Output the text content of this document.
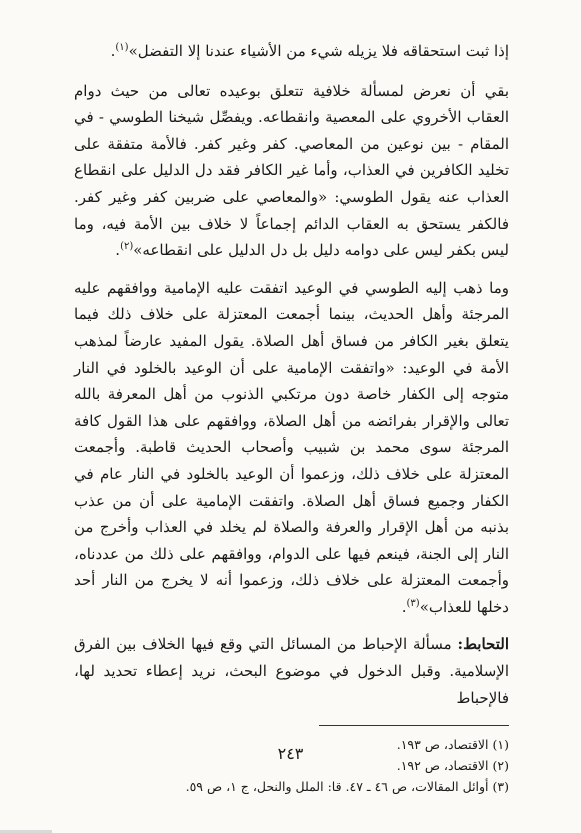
إذا ثبت استحقاقه فلا يزيله شيء من الأشياء عندنا إلا التفضل»$^{(١)}$.

بقي أن نعرض لمسألة خلافية تتعلق بوعيده تعالى من حيث دوام العقاب الأخروي على المعصية وانقطاعه. ويفصِّل شيخنا الطوسي - في المقام - بين نوعين من المعاصي. كفر وغير كفر. فالأمة متفقة على تخليد الكافرين في العذاب، وأما غير الكافر فقد دل الدليل على انقطاع العذاب عنه يقول الطوسي: «والمعاصي على ضربين كفر وغير كفر. فالكفر يستحق به العقاب الدائم إجماعاً لا خلاف بين الأمة فيه، وما ليس بكفر ليس على دوامه دليل بل دل الدليل على انقطاعه»$^{(٢)}$.

وما ذهب إليه الطوسي في الوعيد اتفقت عليه الإمامية ووافقهم عليه المرجئة وأهل الحديث، بينما أجمعت المعتزلة على خلاف ذلك فيما يتعلق بغير الكافر من فساق أهل الصلاة. يقول المفيد عارضاً لمذهب الأمة في الوعيد: «واتفقت الإمامية على أن الوعيد بالخلود في النار متوجه إلى الكفار خاصة دون مرتكبي الذنوب من أهل المعرفة بالله تعالى والإقرار بفرائضه من أهل الصلاة، ووافقهم على هذا القول كافة المرجئة سوى محمد بن شبيب وأصحاب الحديث قاطبة. وأجمعت المعتزلة على خلاف ذلك، وزعموا أن الوعيد بالخلود في النار عام في الكفار وجميع فساق أهل الصلاة. واتفقت الإمامية على أن من عذب بذنبه من أهل الإقرار والعرفة والصلاة لم يخلد في العذاب وأخرج من النار إلى الجنة، فينعم فيها على الدوام، ووافقهم على ذلك من عددناه، وأجمعت المعتزلة على خلاف ذلك، وزعموا أنه لا يخرج من النار أحد دخلها للعذاب»$^{(٣)}$.

التحابط: مسألة الإحباط من المسائل التي وقع فيها الخلاف بين الفرق الإسلامية. وقبل الدخول في موضوع البحث، نريد إعطاء تحديد لها، فالإحباط

(١) الاقتصاد، ص ١٩٣.
(٢) الاقتصاد، ص ١٩٢.
(٣) أوائل المقالات، ص ٤٦ ـ ٤٧. قا: الملل والنحل، ج ١، ص ٥٩.
٢٤٣
